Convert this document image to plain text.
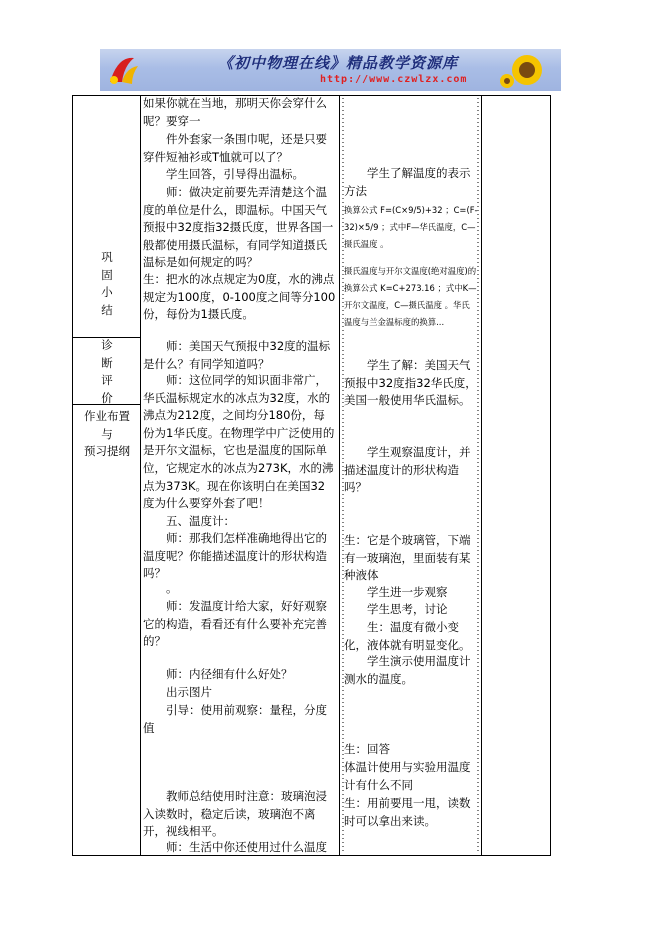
《初中物理在线》精品教学资源库
http://www.czwlzx.com
巩
固
小
结
诊
断
评
价
作业布置
与
预习提纲
如果你就在当地，那明天你会穿什么呢？要穿一
件外套家一条围巾呢，还是只要穿件短袖衫或T恤就可以了？
学生回答，引导得出温标。
师：做决定前要先弄清楚这个温度的单位是什么，即温标。中国天气预报中32度指32摄氏度，世界各国一般都使用摄氏温标，有同学知道摄氏温标是如何规定的吗？
生：把水的冰点规定为0度，水的沸点规定为100度，0-100度之间等分100份，每份为1摄氏度。
师：美国天气预报中32度的温标是什么？有同学知道吗？
师：这位同学的知识面非常广，华氏温标规定水的冰点为32度，水的沸点为212度，之间均分180份，每份为1华氏度。在物理学中广泛使用的是开尔文温标，它也是温度的国际单位，它规定水的冰点为273K，水的沸点为373K。现在你该明白在美国32度为什么要穿外套了吧！
五、温度计：
师：那我们怎样准确地得出它的温度呢？你能描述温度计的形状构造吗？
。
师：发温度计给大家，好好观察它的构造，看看还有什么要补充完善的？
师：内径细有什么好处？
出示图片
引导：使用前观察：量程，分度值
教师总结使用时注意：玻璃泡浸入读数时，稳定后读，玻璃泡不离开，视线相平。
师：生活中你还使用过什么温度
学生了解温度的表示方法
换算公式 F=(C×9/5)+32 ；C=(F-32)×5/9 ；式中F—华氏温度，C—摄氏温度 。
摄氏温度与开尔文温度(绝对温度)的换算公式 K=C+273.16 ；式中K—开尔文温度，C—摄氏温度 。华氏温度与兰金温标度的换算...
学生了解：美国天气预报中32度指32华氏度，美国一般使用华氏温标。
学生观察温度计，并描述温度计的形状构造吗？
生：它是个玻璃管，下端有一玻璃泡，里面装有某种液体
学生进一步观察
学生思考，讨论
生：温度有微小变化，液体就有明显变化。
学生演示使用温度计测水的温度。
生：回答
体温计使用与实验用温度计有什么不同
生：用前要甩一甩，读数时可以拿出来读。
